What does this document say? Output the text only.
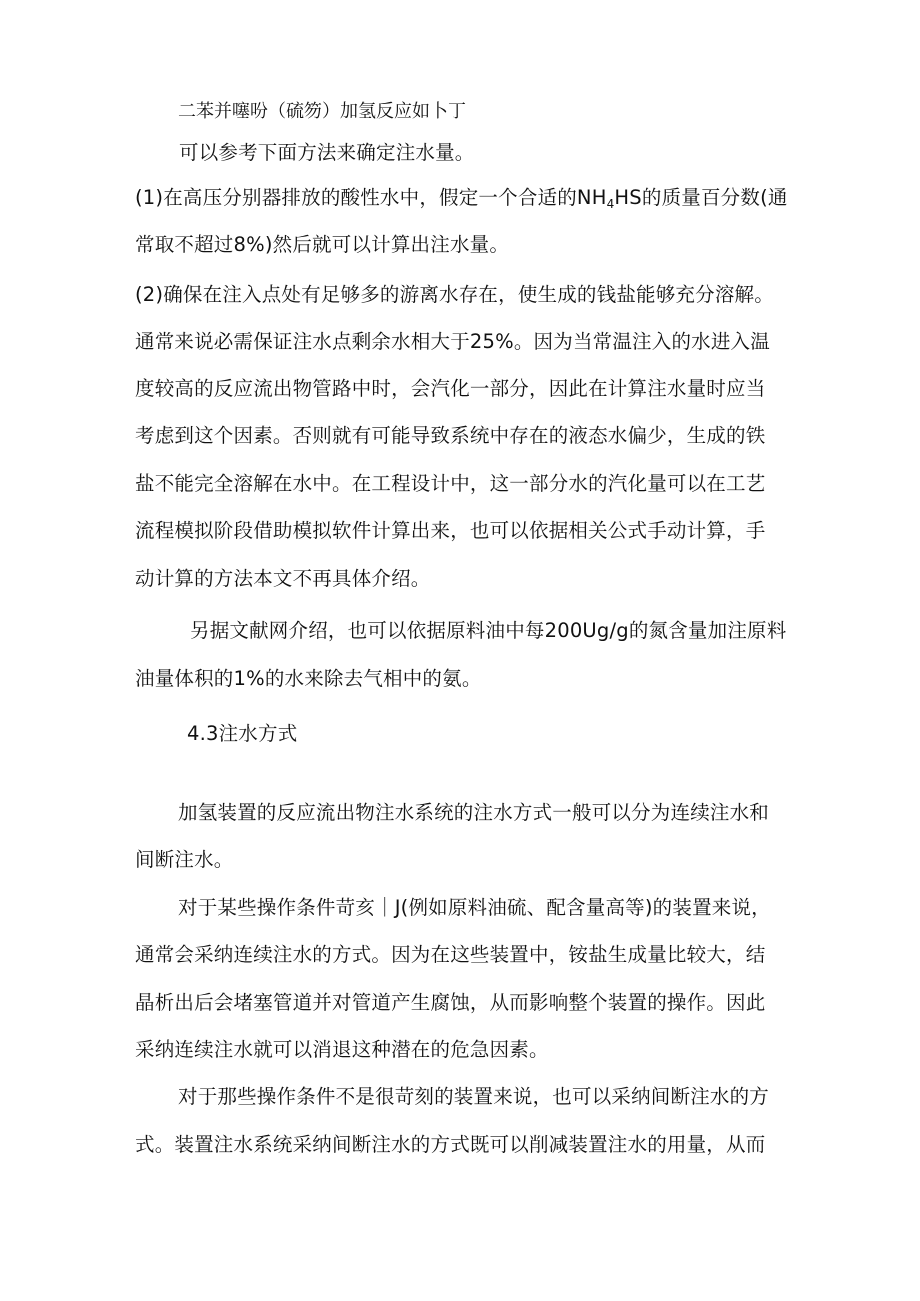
二苯并噻吩（硫笏）加氢反应如卜丁
可以参考下面方法来确定注水量。
(1)在高压分别器排放的酸性水中，假定一个合适的$NH_4HS$的质量百分数(通
常取不超过8%)然后就可以计算出注水量。
(2)确保在注入点处有足够多的游离水存在，使生成的钱盐能够充分溶解。
通常来说必需保证注水点剩余水相大于25%。因为当常温注入的水进入温
度较高的反应流出物管路中时，会汽化一部分，因此在计算注水量时应当
考虑到这个因素。否则就有可能导致系统中存在的液态水偏少，生成的铁
盐不能完全溶解在水中。在工程设计中，这一部分水的汽化量可以在工艺
流程模拟阶段借助模拟软件计算出来，也可以依据相关公式手动计算，手
动计算的方法本文不再具体介绍。
另据文献网介绍，也可以依据原料油中每200Ug/g的氮含量加注原料
油量体积的1%的水来除去气相中的氨。
4.3注水方式
加氢装置的反应流出物注水系统的注水方式一般可以分为连续注水和
间断注水。
对于某些操作条件苛亥｜J(例如原料油硫、配含量高等)的装置来说，
通常会采纳连续注水的方式。因为在这些装置中，铵盐生成量比较大，结
晶析出后会堵塞管道并对管道产生腐蚀，从而影响整个装置的操作。因此
采纳连续注水就可以消退这种潜在的危急因素。
对于那些操作条件不是很苛刻的装置来说，也可以采纳间断注水的方
式。装置注水系统采纳间断注水的方式既可以削减装置注水的用量，从而
